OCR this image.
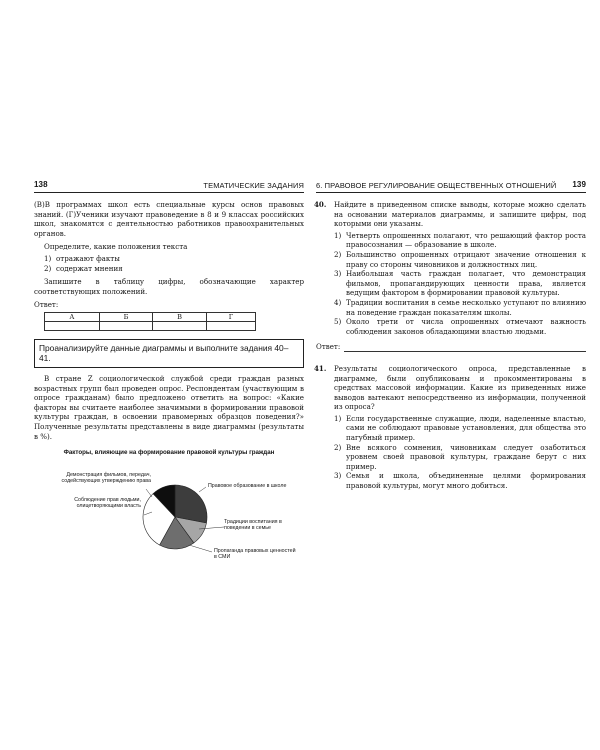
138	ТЕМАТИЧЕСКИЕ ЗАДАНИЯ

(В)В программах школ есть специальные курсы основ правовых знаний. (Г)Ученики изучают правоведение в 8 и 9 классах российских школ, знакомятся с деятельностью работников правоохранительных органов.

Определите, какие положения текста

1) отражают факты
2) содержат мнения

Запишите в таблицу цифры, обозначающие характер соответствующих положений.

Ответ:

А	Б	В	Г

Проанализируйте данные диаграммы и выполните задания 40–41.

В стране Z социологической службой среди граждан разных возрастных групп был проведен опрос. Респондентам (участвующим в опросе гражданам) было предложено ответить на вопрос: «Какие факторы вы считаете наиболее значимыми в формировании правовой культуры граждан, в освоении правомерных образцов поведения?» Полученные результаты представлены в виде диаграммы (результаты в %).

Факторы, влияющие на формирование правовой культуры граждан
Демонстрация фильмов, передач, содействующих утверждению права
Соблюдение прав людьми, олицетворяющими власть
Правовое образование в школе
Традиции воспитания в поведении в семье
Пропаганда правовых ценностей в СМИ
6. ПРАВОВОЕ РЕГУЛИРОВАНИЕ ОБЩЕСТВЕННЫХ ОТНОШЕНИЙ 139
40. Найдите в приведенном списке выводы, которые можно сделать на основании материалов диаграммы, и запишите цифры, под которыми они указаны.

1) Четверть опрошенных полагают, что решающий фактор роста правосознания — образование в школе.
2) Большинство опрошенных отрицают значение отношения к праву со стороны чиновников и должностных лиц.
3) Наибольшая часть граждан полагает, что демонстрация фильмов, пропагандирующих ценности права, является ведущим фактором в формировании правовой культуры.
4) Традиции воспитания в семье несколько уступают по влиянию на поведение граждан показателям школы.
5) Около трети от числа опрошенных отмечают важность соблюдения законов обладающими властью людьми.
Ответ:
41. Результаты социологического опроса, представленные в диаграмме, были опубликованы и прокомментированы в средствах массовой информации. Какие из приведенных ниже выводов вытекают непосредственно из информации, полученной из опроса?

1) Если государственные служащие, люди, наделенные властью, сами не соблюдают правовые установления, для общества это пагубный пример.
2) Вне всякого сомнения, чиновникам следует озаботиться уровнем своей правовой культуры, граждане берут с них пример.
3) Семья и школа, объединенные целями формирования правовой культуры, могут много добиться.
